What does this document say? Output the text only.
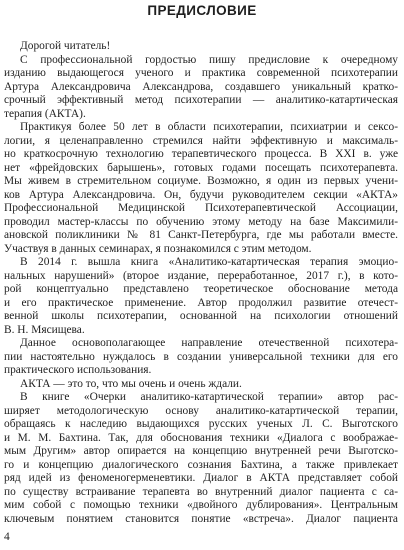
ПРЕДИСЛОВИЕ
Дорогой читатель!
С профессиональной гордостью пишу предисловие к очередному
изданию выдающегося ученого и практика современной психотерапии
Артура Александровича Александрова, создавшего уникальный кратко-
срочный эффективный метод психотерапии — аналитико-катартическая
терапия (АКТА).
Практикуя более 50 лет в области психотерапии, психиатрии и сексо-
логии, я целенаправленно стремился найти эффективную и максималь-
но краткосрочную технологию терапевтического процесса. В XXI в. уже
нет «фрейдовских барышень», готовых годами посещать психотерапевта.
Мы живем в стремительном социуме. Возможно, я один из первых учени-
ков Артура Александровича. Он, будучи руководителем секции «АКТА»
Профессиональной Медицинской Психотерапевтической Ассоциации,
проводил мастер-классы по обучению этому методу на базе Максимили-
ановской поликлиники № 81 Санкт-Петербурга, где мы работали вместе.
Участвуя в данных семинарах, я познакомился с этим методом.
В 2014 г. вышла книга «Аналитико-катартическая терапия эмоцио-
нальных нарушений» (второе издание, переработанное, 2017 г.), в кото-
рой концептуально представлено теоретическое обоснование метода
и его практическое применение. Автор продолжил развитие отечест-
венной школы психотерапии, основанной на психологии отношений
В. Н. Мясищева.
Данное основополагающее направление отечественной психотера-
пии настоятельно нуждалось в создании универсальной техники для его
практического использования.
АКТА — это то, что мы очень и очень ждали.
В книге «Очерки аналитико-катартической терапии» автор рас-
ширяет методологическую основу аналитико-катартической терапии,
обращаясь к наследию выдающихся русских ученых Л. С. Выготского
и М. М. Бахтина. Так, для обоснования техники «Диалога с воображае-
мым Другим» автор опирается на концепцию внутренней речи Выготско-
го и концепцию диалогического сознания Бахтина, а также привлекает
ряд идей из феноменогерменевтики. Диалог в АКТА представляет собой
по существу встраивание терапевта во внутренний диалог пациента с са-
мим собой с помощью техники «двойного дублирования». Центральным
ключевым понятием становится понятие «встреча». Диалог пациента
4
